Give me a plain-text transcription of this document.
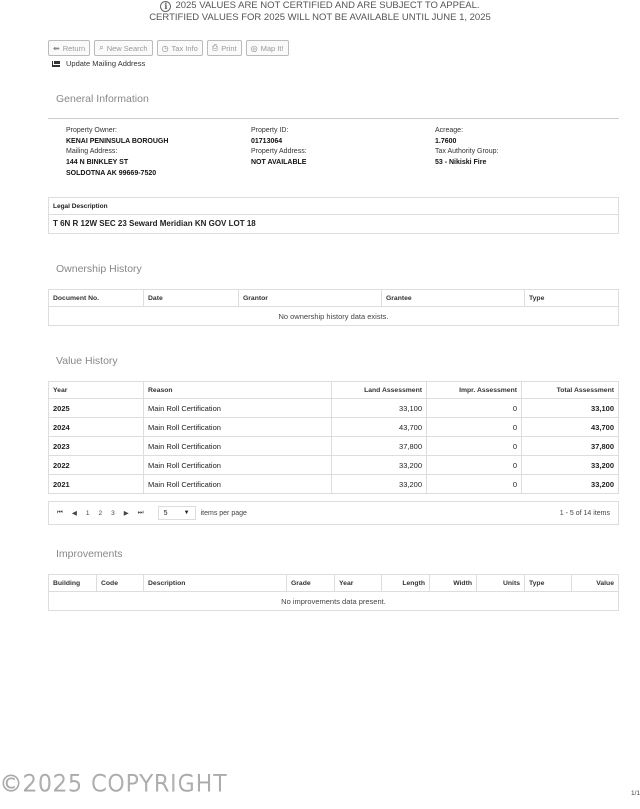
i 2025 VALUES ARE NOT CERTIFIED AND ARE SUBJECT TO APPEAL.
CERTIFIED VALUES FOR 2025 WILL NOT BE AVAILABLE UNTIL JUNE 1, 2025
⬅ Return ⌕ New Search ◷ Tax Info ⎙ Print ◎ Map It!
Update Mailing Address
General Information
Property Owner:
KENAI PENINSULA BOROUGH
Mailing Address:
144 N BINKLEY ST
SOLDOTNA AK 99669-7520
Property ID:
01713064
Property Address:
NOT AVAILABLE
Acreage:
1.7600
Tax Authority Group:
53 - Nikiski Fire
Legal Description
T 6N R 12W SEC 23 Seward Meridian KN GOV LOT 18
Ownership History
Document No.	Date	Grantor	Grantee	Type
No ownership history data exists.
Value History
Year	Reason	Land Assessment	Impr. Assessment	Total Assessment
2025	Main Roll Certification	33,100	0	33,100
2024	Main Roll Certification	43,700	0	43,700
2023	Main Roll Certification	37,800	0	37,800
2022	Main Roll Certification	33,200	0	33,200
2021	Main Roll Certification	33,200	0	33,200
⏮ ◀ 1 2 3 ▶ ⏭	5	▼ items per page	1 - 5 of 14 items
Improvements
Building	Code	Description	Grade	Year	Length	Width	Units	Type	Value
No improvements data present.
©2025 COPYRIGHT	1/1
